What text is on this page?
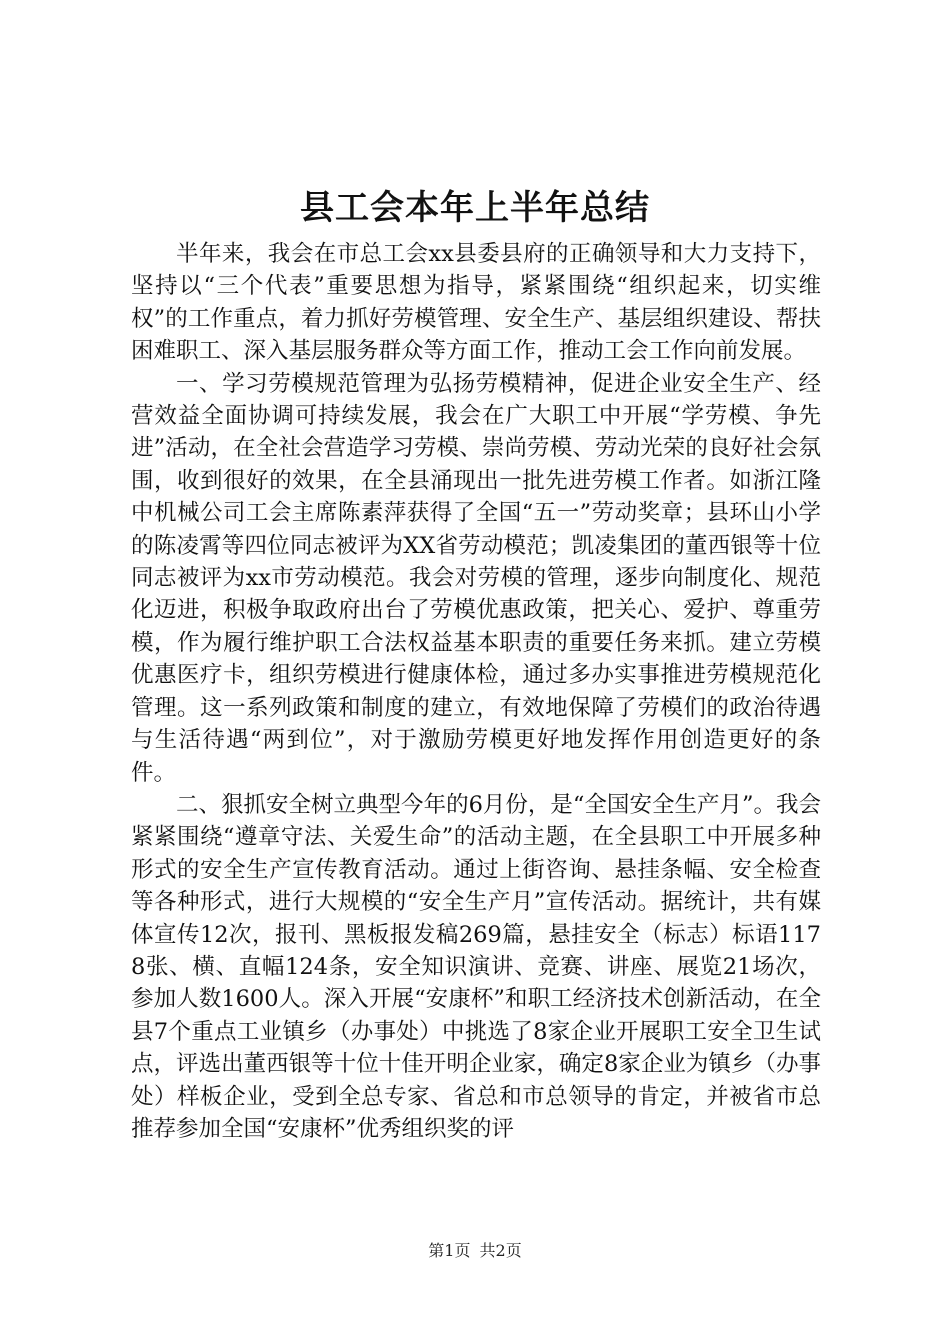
县工会本年上半年总结

半年来，我会在市总工会xx县委县府的正确领导和大力支持下，坚持以“三个代表”重要思想为指导，紧紧围绕“组织起来，切实维权”的工作重点，着力抓好劳模管理、安全生产、基层组织建设、帮扶困难职工、深入基层服务群众等方面工作，推动工会工作向前发展。

一、学习劳模规范管理为弘扬劳模精神，促进企业安全生产、经营效益全面协调可持续发展，我会在广大职工中开展“学劳模、争先进”活动，在全社会营造学习劳模、崇尚劳模、劳动光荣的良好社会氛围，收到很好的效果，在全县涌现出一批先进劳模工作者。如浙江隆中机械公司工会主席陈素萍获得了全国“五一”劳动奖章；县环山小学的陈凌霄等四位同志被评为XX省劳动模范；凯凌集团的董西银等十位同志被评为xx市劳动模范。我会对劳模的管理，逐步向制度化、规范化迈进，积极争取政府出台了劳模优惠政策，把关心、爱护、尊重劳模，作为履行维护职工合法权益基本职责的重要任务来抓。建立劳模优惠医疗卡，组织劳模进行健康体检，通过多办实事推进劳模规范化管理。这一系列政策和制度的建立，有效地保障了劳模们的政治待遇与生活待遇“两到位”，对于激励劳模更好地发挥作用创造更好的条件。

二、狠抓安全树立典型今年的6月份，是“全国安全生产月”。我会紧紧围绕“遵章守法、关爱生命”的活动主题，在全县职工中开展多种形式的安全生产宣传教育活动。通过上街咨询、悬挂条幅、安全检查等各种形式，进行大规模的“安全生产月”宣传活动。据统计，共有媒体宣传12次，报刊、黑板报发稿269篇，悬挂安全（标志）标语1178张、横、直幅124条，安全知识演讲、竞赛、讲座、展览21场次，参加人数1600人。深入开展“安康杯”和职工经济技术创新活动，在全县7个重点工业镇乡（办事处）中挑选了8家企业开展职工安全卫生试点，评选出董西银等十位十佳开明企业家，确定8家企业为镇乡（办事处）样板企业，受到全总专家、省总和市总领导的肯定，并被省市总推荐参加全国“安康杯”优秀组织奖的评

第1页 共2页
